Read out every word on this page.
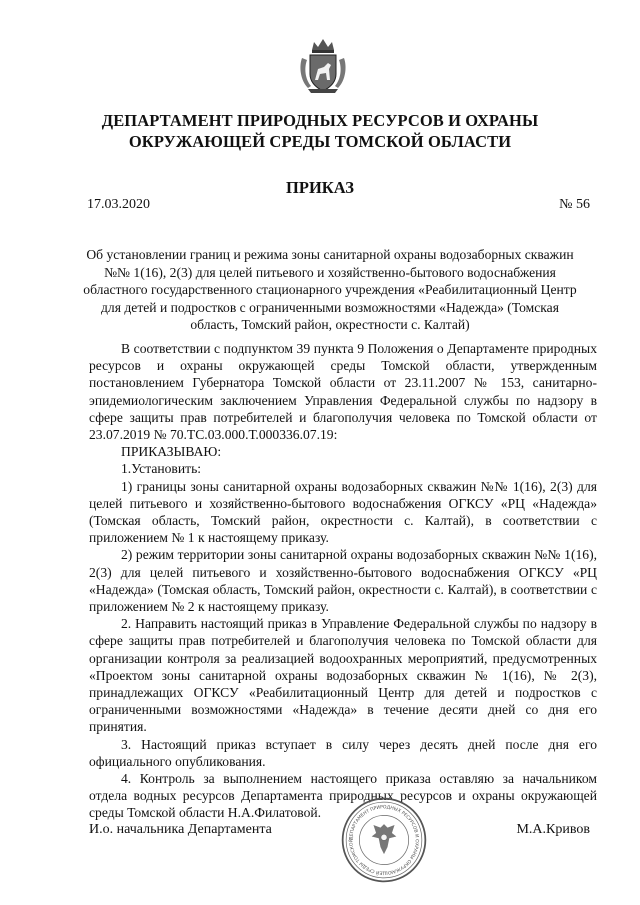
ДЕПАРТАМЕНТ ПРИРОДНЫХ РЕСУРСОВ И ОХРАНЫ
ОКРУЖАЮЩЕЙ СРЕДЫ ТОМСКОЙ ОБЛАСТИ
ПРИКАЗ
17.03.2020	№ 56
Об установлении границ и режима зоны санитарной охраны водозаборных скважин №№ 1(16), 2(3) для целей питьевого и хозяйственно-бытового водоснабжения областного государственного стационарного учреждения «Реабилитационный Центр для детей и подростков с ограниченными возможностями «Надежда» (Томская область, Томский район, окрестности с. Калтай)

В соответствии с подпунктом 39 пункта 9 Положения о Департаменте природных ресурсов и охраны окружающей среды Томской области, утвержденным постановлением Губернатора Томской области от 23.11.2007 № 153, санитарно-эпидемиологическим заключением Управления Федеральной службы по надзору в сфере защиты прав потребителей и благополучия человека по Томской области от 23.07.2019 № 70.ТС.03.000.Т.000336.07.19:

ПРИКАЗЫВАЮ:

1.Установить:

1) границы зоны санитарной охраны водозаборных скважин №№ 1(16), 2(3) для целей питьевого и хозяйственно-бытового водоснабжения ОГКСУ «РЦ «Надежда» (Томская область, Томский район, окрестности с. Калтай), в соответствии с приложением № 1 к настоящему приказу.

2) режим территории зоны санитарной охраны водозаборных скважин №№ 1(16), 2(3) для целей питьевого и хозяйственно-бытового водоснабжения ОГКСУ «РЦ «Надежда» (Томская область, Томский район, окрестности с. Калтай), в соответствии с приложением № 2 к настоящему приказу.

2. Направить настоящий приказ в Управление Федеральной службы по надзору в сфере защиты прав потребителей и благополучия человека по Томской области для организации контроля за реализацией водоохранных мероприятий, предусмотренных «Проектом зоны санитарной охраны водозаборных скважин № 1(16), № 2(3), принадлежащих ОГКСУ «Реабилитационный Центр для детей и подростков с ограниченными возможностями «Надежда» в течение десяти дней со дня его принятия.

3. Настоящий приказ вступает в силу через десять дней после дня его официального опубликования.

4. Контроль за выполнением настоящего приказа оставляю за начальником отдела водных ресурсов Департамента природных ресурсов и охраны окружающей среды Томской области Н.А.Филатовой.

И.о. начальника Департамента
ДЕПАРТАМЕНТ ПРИРОДНЫХ РЕСУРСОВ И ОХРАНЫ ОКРУЖАЮЩЕЙ СРЕДЫ ТОМСКОЙ
М.А.Кривов
